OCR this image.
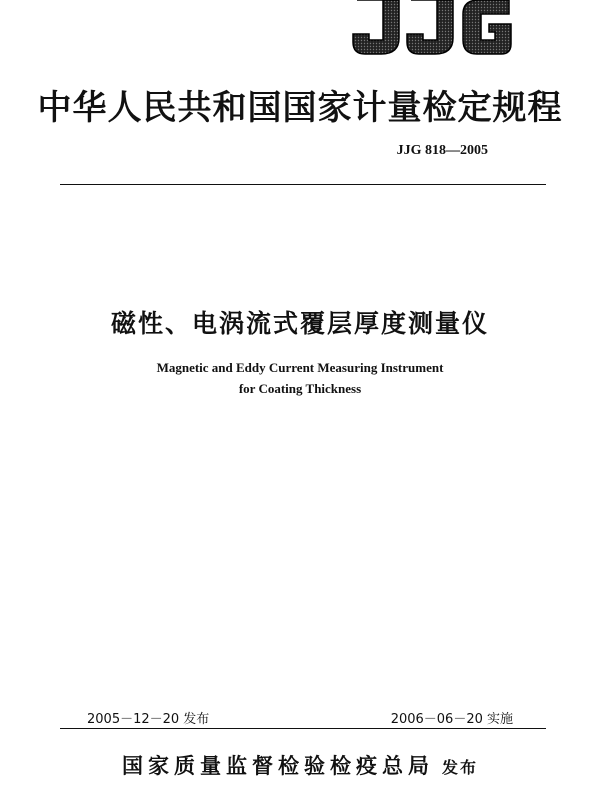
中华人民共和国国家计量检定规程
JJG 818—2005
磁性、电涡流式覆层厚度测量仪
Magnetic and Eddy Current Measuring Instrument
for Coating Thickness
2005－12－20 发布	2006－06－20 实施
国家质量监督检验检疫总局 发布
